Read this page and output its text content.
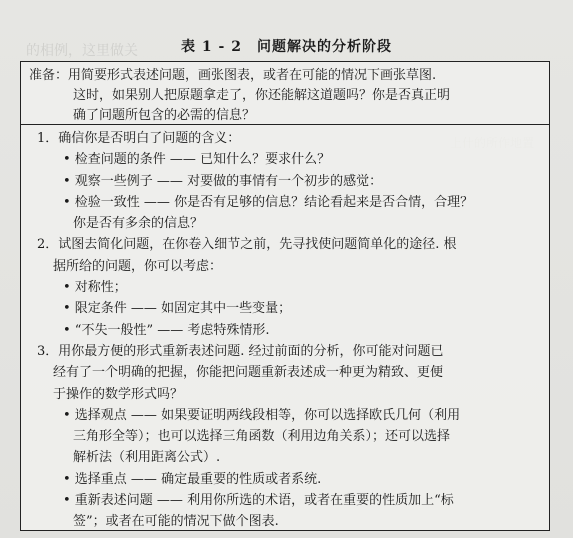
的相例，这里做关	表 1 - 2　问题解决的分析阶段
准备：用简要形式表述问题，画张图表，或者在可能的情况下画张草图.
这时，如果别人把原题拿走了，你还能解这道题吗？你是否真正明
确了问题所包含的必需的信息？
1．确信你是否明白了问题的含义：
• 检查问题的条件 —— 已知什么？要求什么？
• 观察一些例子 —— 对要做的事情有一个初步的感觉：
• 检验一致性 —— 你是否有足够的信息？结论看起来是否合情，合理？
你是否有多余的信息？
2．试图去简化问题，在你卷入细节之前，先寻找使问题简单化的途径. 根
据所给的问题，你可以考虑：
• 对称性；
• 限定条件 —— 如固定其中一些变量；
• “不失一般性” —— 考虑特殊情形.
3．用你最方便的形式重新表述问题. 经过前面的分析，你可能对问题已
经有了一个明确的把握，你能把问题重新表述成一种更为精致、更便
于操作的数学形式吗？
• 选择观点 —— 如果要证明两线段相等，你可以选择欧氏几何（利用
三角形全等）；也可以选择三角函数（利用边角关系）；还可以选择
解析法（利用距离公式）.
• 选择重点 —— 确定最重要的性质或者系统.
• 重新表述问题 —— 利用你所选的术语，或者在重要的性质加上“标
签”；或者在可能的情况下做个图表.
